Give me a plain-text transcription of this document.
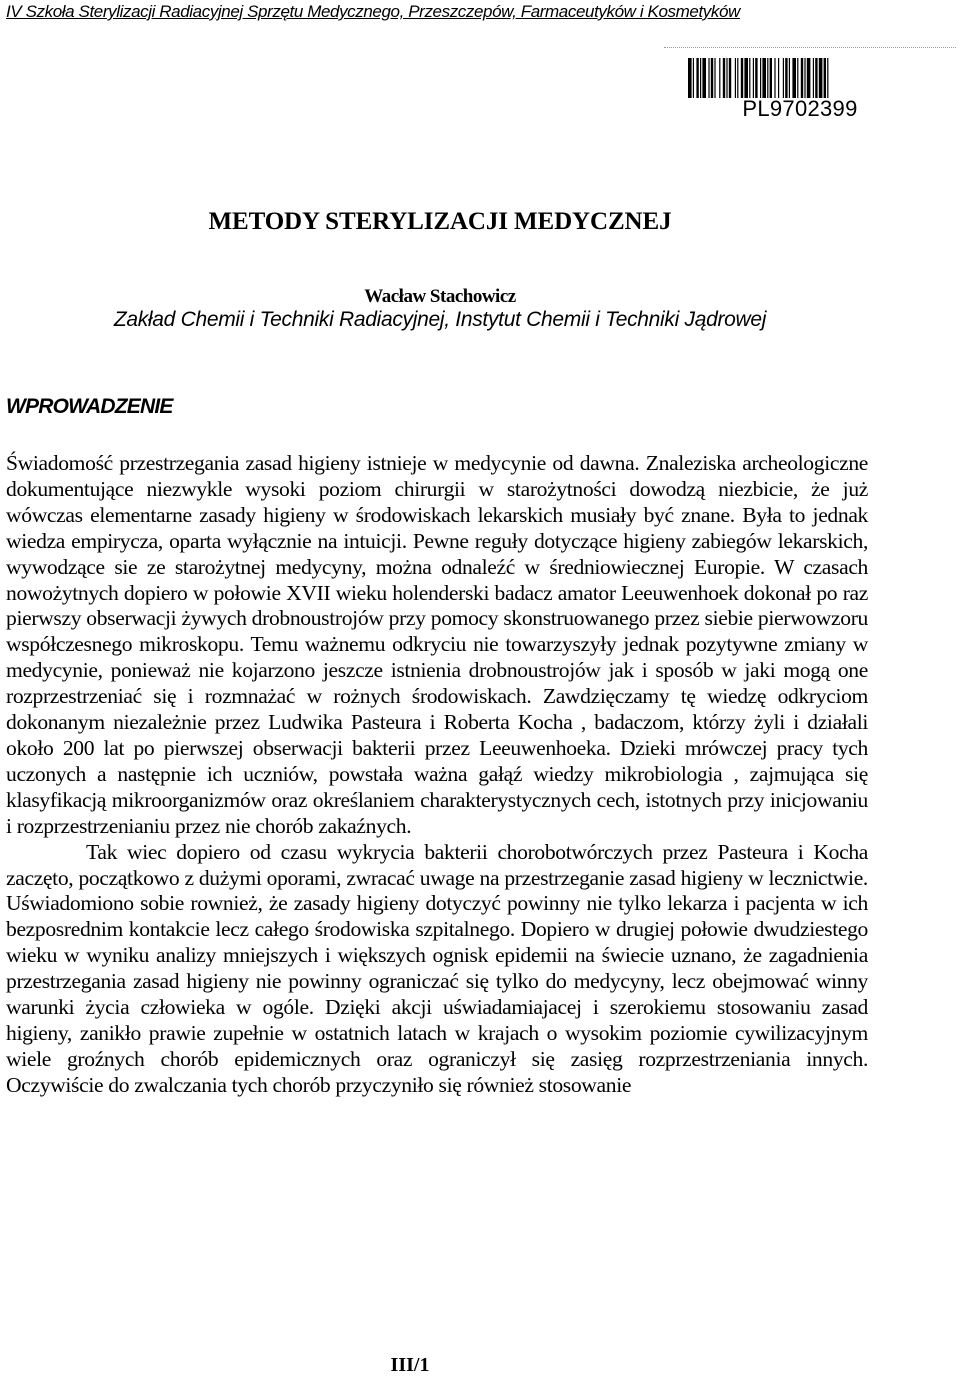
IV Szkoła Sterylizacji Radiacyjnej Sprzętu Medycznego, Przeszczepów, Farmaceutyków i Kosmetyków
PL9702399
METODY STERYLIZACJI MEDYCZNEJ
Wacław Stachowicz
Zakład Chemii i Techniki Radiacyjnej, Instytut Chemii i Techniki Jądrowej
WPROWADZENIE

Świadomość przestrzegania zasad higieny istnieje w medycynie od dawna. Znaleziska archeologiczne dokumentujące niezwykle wysoki poziom chirurgii w starożytności dowodzą niezbicie, że już wówczas elementarne zasady higieny w środowiskach lekarskich musiały być znane. Była to jednak wiedza empirycza, oparta wyłącznie na intuicji. Pewne reguły dotyczące higieny zabiegów lekarskich, wywodzące sie ze starożytnej medycyny, można odnaleźć w średniowiecznej Europie. W czasach nowożytnych dopiero w połowie XVII wieku holenderski badacz amator Leeuwenhoek dokonał po raz pierwszy obserwacji żywych drobnoustrojów przy pomocy skonstruowanego przez siebie pierwowzoru współczesnego mikroskopu. Temu ważnemu odkryciu nie towarzyszyły jednak pozytywne zmiany w medycynie, ponieważ nie kojarzono jeszcze istnienia drobnoustrojów jak i sposób w jaki mogą one rozprzestrzeniać się i rozmnażać w rożnych środowiskach. Zawdzięczamy tę wiedzę odkryciom dokonanym niezależnie przez Ludwika Pasteura i Roberta Kocha , badaczom, którzy żyli i działali około 200 lat po pierwszej obserwacji bakterii przez Leeuwenhoeka. Dzieki mrówczej pracy tych uczonych a następnie ich uczniów, powstała ważna gałąź wiedzy mikrobiologia , zajmująca się klasyfikacją mikroorganizmów oraz określaniem charakterystycznych cech, istotnych przy inicjowaniu i rozprzestrzenianiu przez nie chorób zakaźnych.

Tak wiec dopiero od czasu wykrycia bakterii chorobotwórczych przez Pasteura i Kocha zaczęto, początkowo z dużymi oporami, zwracać uwage na przestrzeganie zasad higieny w lecznictwie. Uświadomiono sobie rownież, że zasady higieny dotyczyć powinny nie tylko lekarza i pacjenta w ich bezposrednim kontakcie lecz całego środowiska szpitalnego. Dopiero w drugiej połowie dwudziestego wieku w wyniku analizy mniejszych i większych ognisk epidemii na świecie uznano, że zagadnienia przestrzegania zasad higieny nie powinny ograniczać się tylko do medycyny, lecz obejmować winny warunki życia człowieka w ogóle. Dzięki akcji uświadamiajacej i szerokiemu stosowaniu zasad higieny, zanikło prawie zupełnie w ostatnich latach w krajach o wysokim poziomie cywilizacyjnym wiele groźnych chorób epidemicznych oraz ograniczył się zasięg rozprzestrzeniania innych. Oczywiście do zwalczania tych chorób przyczyniło się również stosowanie

III/1
